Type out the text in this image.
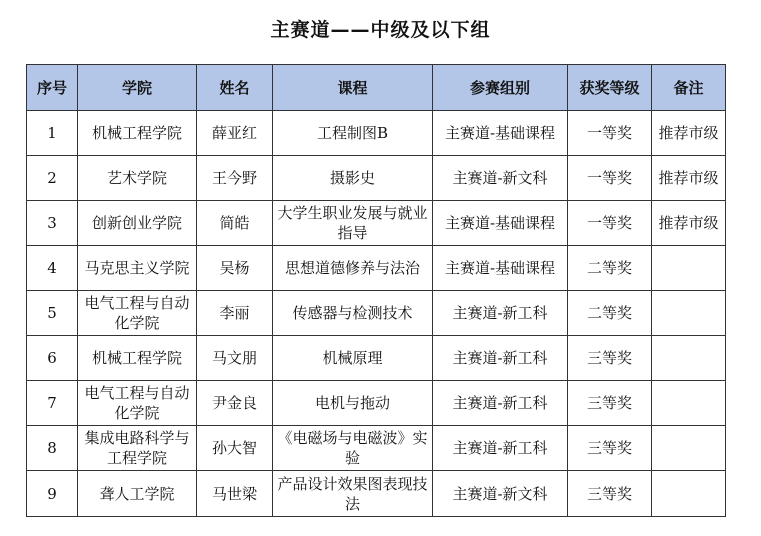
主赛道——中级及以下组
序号	学院	姓名	课程	参赛组别	获奖等级	备注
1	机械工程学院	薛亚红	工程制图B	主赛道-基础课程	一等奖	推荐市级
2	艺术学院	王今野	摄影史	主赛道-新文科	一等奖	推荐市级
3	创新创业学院	简皓	大学生职业发展与就业指导	主赛道-基础课程	一等奖	推荐市级
4	马克思主义学院	吴杨	思想道德修养与法治	主赛道-基础课程	二等奖	
5	电气工程与自动化学院	李丽	传感器与检测技术	主赛道-新工科	二等奖	
6	机械工程学院	马文朋	机械原理	主赛道-新工科	三等奖	
7	电气工程与自动化学院	尹金良	电机与拖动	主赛道-新工科	三等奖	
8	集成电路科学与工程学院	孙大智	《电磁场与电磁波》实验	主赛道-新工科	三等奖	
9	聋人工学院	马世梁	产品设计效果图表现技法	主赛道-新文科	三等奖	
